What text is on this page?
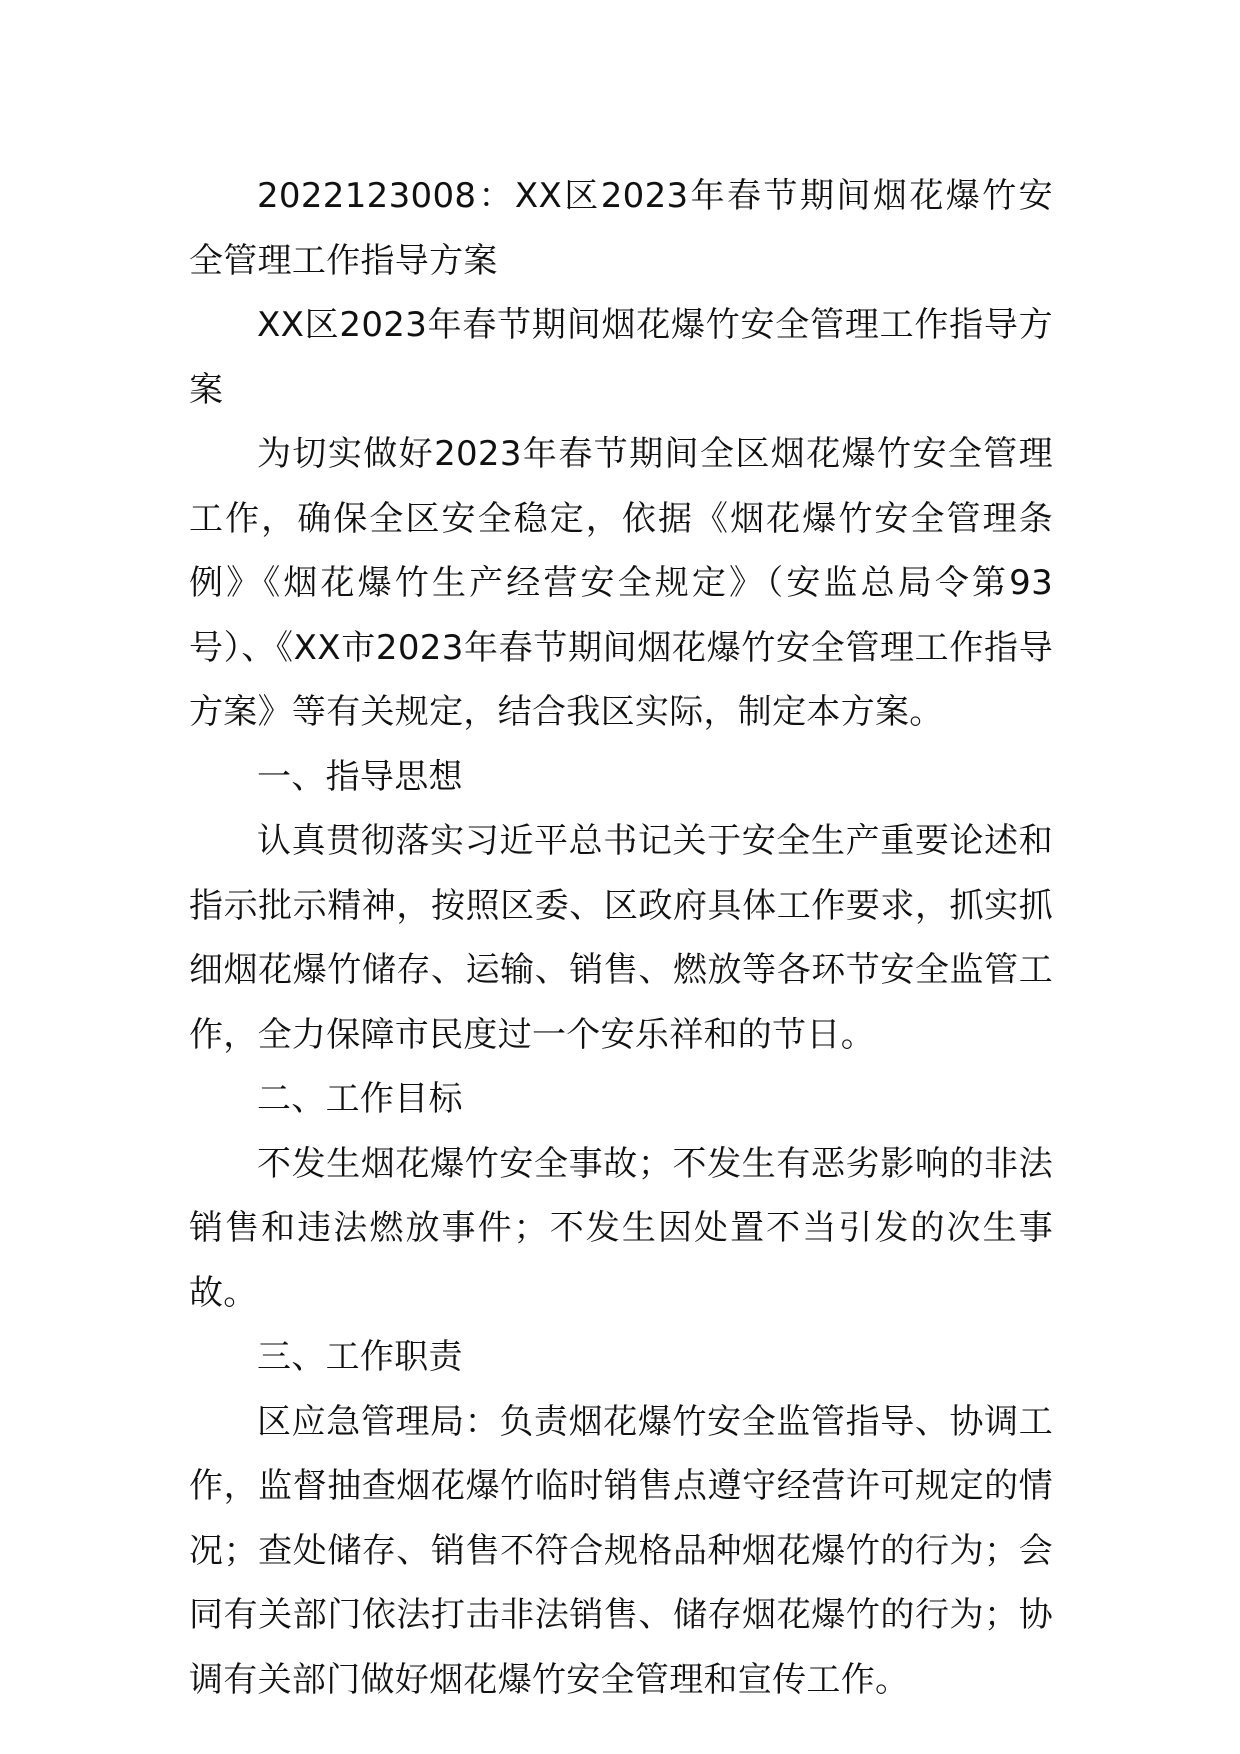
2022123008：XX区2023年春节期间烟花爆竹安全管理工作指导方案

XX区2023年春节期间烟花爆竹安全管理工作指导方案

为切实做好2023年春节期间全区烟花爆竹安全管理工作，确保全区安全稳定，依据《烟花爆竹安全管理条例》《烟花爆竹生产经营安全规定》（安监总局令第93号）、《XX市2023年春节期间烟花爆竹安全管理工作指导方案》等有关规定，结合我区实际，制定本方案。

一、指导思想

认真贯彻落实习近平总书记关于安全生产重要论述和指示批示精神，按照区委、区政府具体工作要求，抓实抓细烟花爆竹储存、运输、销售、燃放等各环节安全监管工作，全力保障市民度过一个安乐祥和的节日。

二、工作目标

不发生烟花爆竹安全事故；不发生有恶劣影响的非法销售和违法燃放事件；不发生因处置不当引发的次生事故。

三、工作职责

区应急管理局：负责烟花爆竹安全监管指导、协调工作，监督抽查烟花爆竹临时销售点遵守经营许可规定的情况；查处储存、销售不符合规格品种烟花爆竹的行为；会同有关部门依法打击非法销售、储存烟花爆竹的行为；协调有关部门做好烟花爆竹安全管理和宣传工作。
